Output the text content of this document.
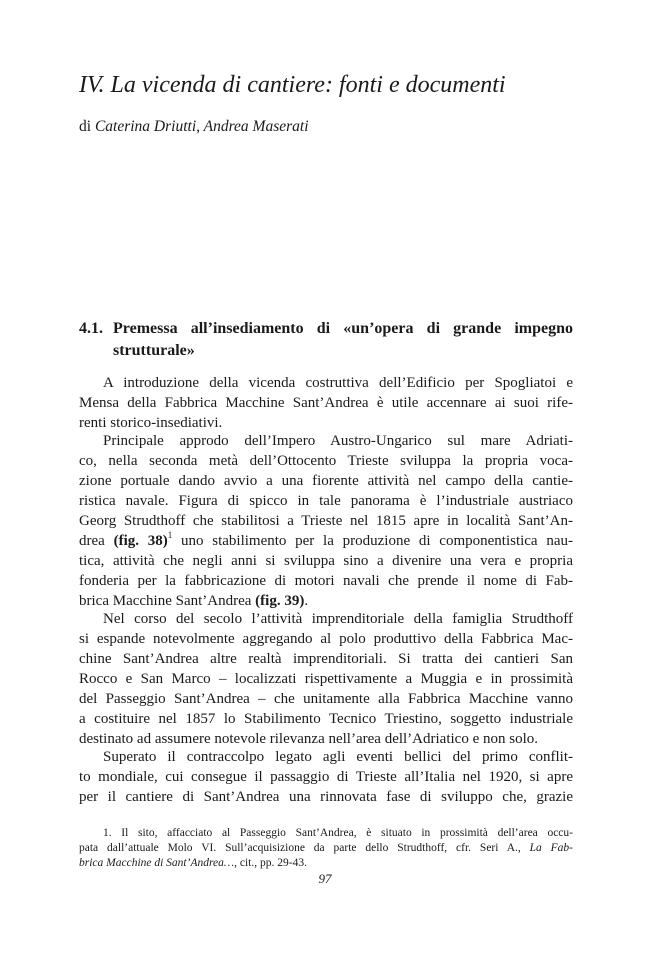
IV. La vicenda di cantiere: fonti e documenti
di Caterina Driutti, Andrea Maserati
4.1. Premessa all’insediamento di «un’opera di grande impegno
strutturale»
A introduzione della vicenda costruttiva dell’Edificio per Spogliatoi e
Mensa della Fabbrica Macchine Sant’Andrea è utile accennare ai suoi rife-
renti storico-insediativi.
Principale approdo dell’Impero Austro-Ungarico sul mare Adriati-
co, nella seconda metà dell’Ottocento Trieste sviluppa la propria voca-
zione portuale dando avvio a una fiorente attività nel campo della cantie-
ristica navale. Figura di spicco in tale panorama è l’industriale austriaco
Georg Strudthoff che stabilitosi a Trieste nel 1815 apre in località Sant’An-
drea (fig. 38)$^1$ uno stabilimento per la produzione di componentistica nau-
tica, attività che negli anni si sviluppa sino a divenire una vera e propria
fonderia per la fabbricazione di motori navali che prende il nome di Fab-
brica Macchine Sant’Andrea (fig. 39).
Nel corso del secolo l’attività imprenditoriale della famiglia Strudthoff
si espande notevolmente aggregando al polo produttivo della Fabbrica Mac-
chine Sant’Andrea altre realtà imprenditoriali. Si tratta dei cantieri San
Rocco e San Marco – localizzati rispettivamente a Muggia e in prossimità
del Passeggio Sant’Andrea – che unitamente alla Fabbrica Macchine vanno
a costituire nel 1857 lo Stabilimento Tecnico Triestino, soggetto industriale
destinato ad assumere notevole rilevanza nell’area dell’Adriatico e non solo.
Superato il contraccolpo legato agli eventi bellici del primo conflit-
to mondiale, cui consegue il passaggio di Trieste all’Italia nel 1920, si apre
per il cantiere di Sant’Andrea una rinnovata fase di sviluppo che, grazie
1. Il sito, affacciato al Passeggio Sant’Andrea, è situato in prossimità dell’area occu-
pata dall’attuale Molo VI. Sull’acquisizione da parte dello Strudthoff, cfr. Seri A., La Fab-
brica Macchine di Sant’Andrea…, cit., pp. 29-43.
97
